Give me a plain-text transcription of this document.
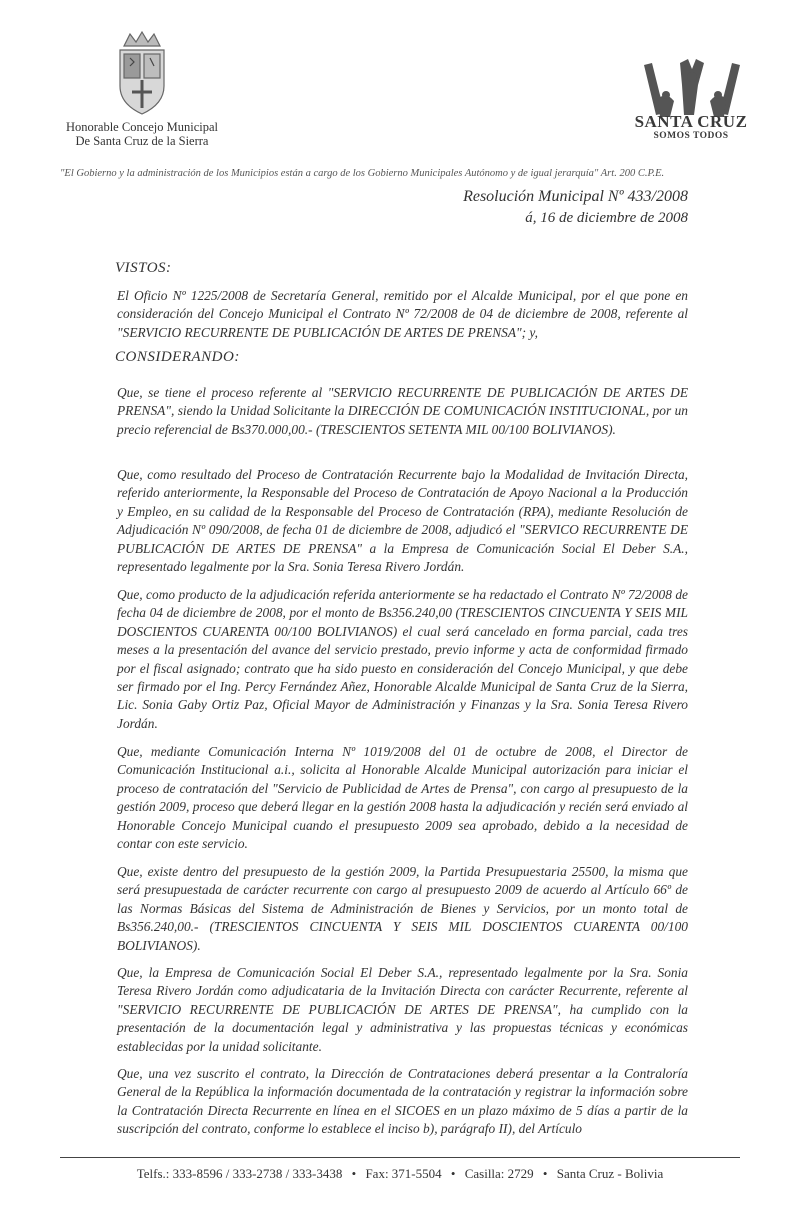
Honorable Concejo Municipal
De Santa Cruz de la Sierra
SANTA CRUZ
SOMOS TODOS
"El Gobierno y la administración de los Municipios están a cargo de los Gobierno Municipales Autónomo y de igual jerarquía" Art. 200 C.P.E.
Resolución Municipal Nº 433/2008
á, 16 de diciembre de 2008
VISTOS:

El Oficio Nº 1225/2008 de Secretaría General, remitido por el Alcalde Municipal, por el que pone en consideración del Concejo Municipal el Contrato Nº 72/2008 de 04 de diciembre de 2008, referente al "SERVICIO RECURRENTE DE PUBLICACIÓN DE ARTES DE PRENSA"; y,

CONSIDERANDO:

Que, se tiene el proceso referente al "SERVICIO RECURRENTE DE PUBLICACIÓN DE ARTES DE PRENSA", siendo la Unidad Solicitante la DIRECCIÓN DE COMUNICACIÓN INSTITUCIONAL, por un precio referencial de Bs370.000,00.- (TRESCIENTOS SETENTA MIL 00/100 BOLIVIANOS).

Que, como resultado del Proceso de Contratación Recurrente bajo la Modalidad de Invitación Directa, referido anteriormente, la Responsable del Proceso de Contratación de Apoyo Nacional a la Producción y Empleo, en su calidad de la Responsable del Proceso de Contratación (RPA), mediante Resolución de Adjudicación Nº 090/2008, de fecha 01 de diciembre de 2008, adjudicó el "SERVICO RECURRENTE DE PUBLICACIÓN DE ARTES DE PRENSA" a la Empresa de Comunicación Social El Deber S.A., representado legalmente por la Sra. Sonia Teresa Rivero Jordán.

Que, como producto de la adjudicación referida anteriormente se ha redactado el Contrato Nº 72/2008 de fecha 04 de diciembre de 2008, por el monto de Bs356.240,00 (TRESCIENTOS CINCUENTA Y SEIS MIL DOSCIENTOS CUARENTA 00/100 BOLIVIANOS) el cual será cancelado en forma parcial, cada tres meses a la presentación del avance del servicio prestado, previo informe y acta de conformidad firmado por el fiscal asignado; contrato que ha sido puesto en consideración del Concejo Municipal, y que debe ser firmado por el Ing. Percy Fernández Añez, Honorable Alcalde Municipal de Santa Cruz de la Sierra, Lic. Sonia Gaby Ortiz Paz, Oficial Mayor de Administración y Finanzas y la Sra. Sonia Teresa Rivero Jordán.

Que, mediante Comunicación Interna Nº 1019/2008 del 01 de octubre de 2008, el Director de Comunicación Institucional a.i., solicita al Honorable Alcalde Municipal autorización para iniciar el proceso de contratación del "Servicio de Publicidad de Artes de Prensa", con cargo al presupuesto de la gestión 2009, proceso que deberá llegar en la gestión 2008 hasta la adjudicación y recién será enviado al Honorable Concejo Municipal cuando el presupuesto 2009 sea aprobado, debido a la necesidad de contar con este servicio.

Que, existe dentro del presupuesto de la gestión 2009, la Partida Presupuestaria 25500, la misma que será presupuestada de carácter recurrente con cargo al presupuesto 2009 de acuerdo al Artículo 66º de las Normas Básicas del Sistema de Administración de Bienes y Servicios, por un monto total de Bs356.240,00.- (TRESCIENTOS CINCUENTA Y SEIS MIL DOSCIENTOS CUARENTA 00/100 BOLIVIANOS).

Que, la Empresa de Comunicación Social El Deber S.A., representado legalmente por la Sra. Sonia Teresa Rivero Jordán como adjudicataria de la Invitación Directa con carácter Recurrente, referente al "SERVICIO RECURRENTE DE PUBLICACIÓN DE ARTES DE PRENSA", ha cumplido con la presentación de la documentación legal y administrativa y las propuestas técnicas y económicas establecidas por la unidad solicitante.

Que, una vez suscrito el contrato, la Dirección de Contrataciones deberá presentar a la Contraloría General de la República la información documentada de la contratación y registrar la información sobre la Contratación Directa Recurrente en línea en el SICOES en un plazo máximo de 5 días a partir de la suscripción del contrato, conforme lo establece el inciso b), parágrafo II), del Artículo

Telfs.: 333-8596 / 333-2738 / 333-3438 • Fax: 371-5504 • Casilla: 2729 • Santa Cruz - Bolivia
